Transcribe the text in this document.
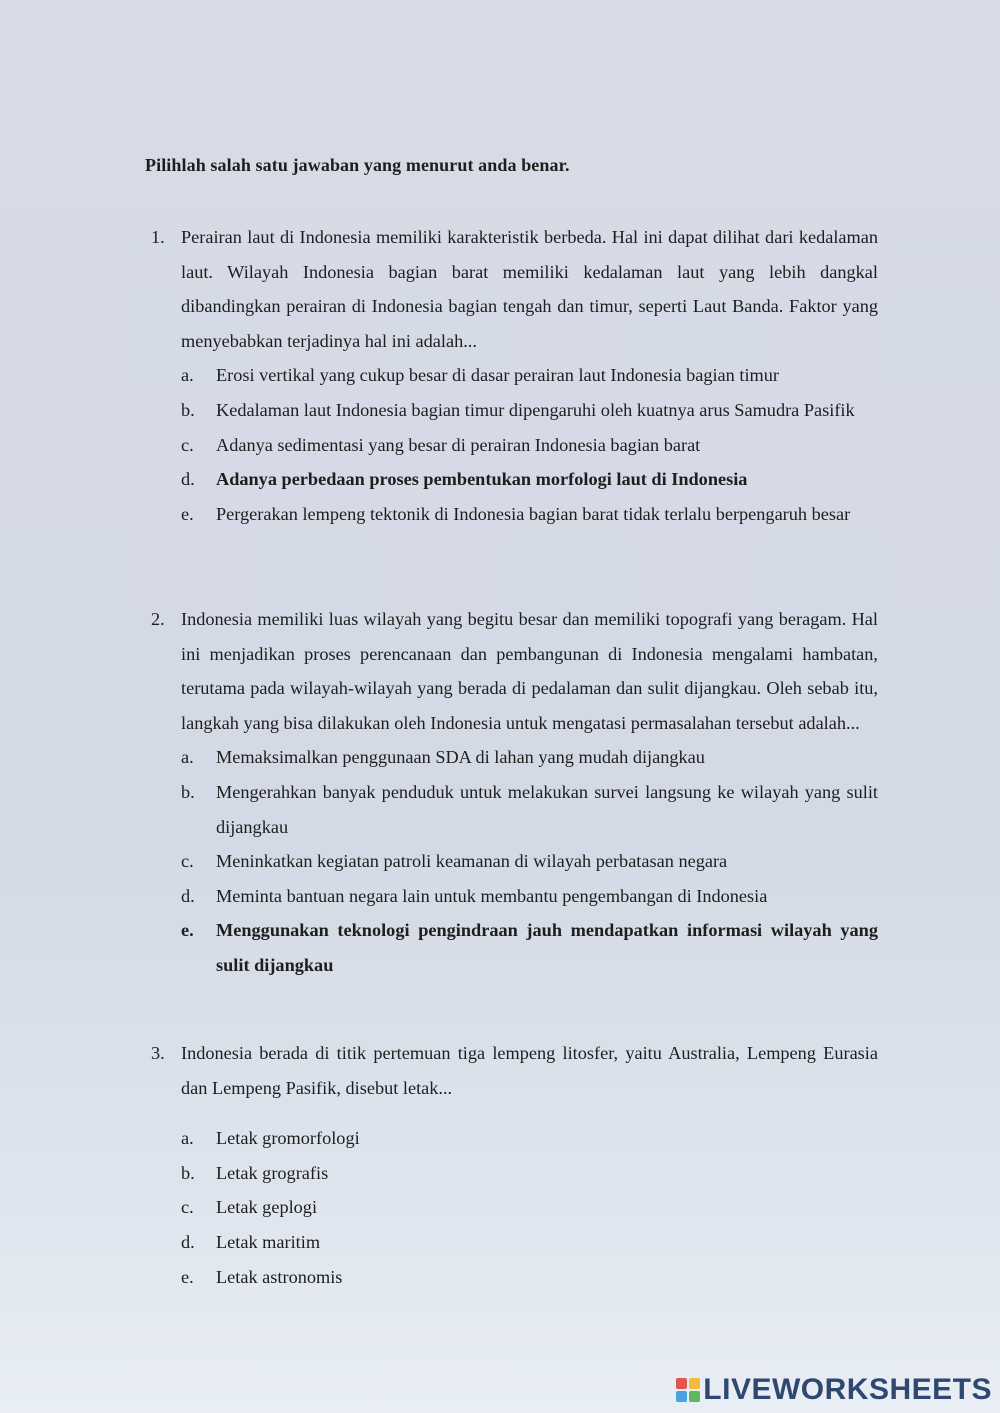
Pilihlah salah satu jawaban yang menurut anda benar.
1. Perairan laut di Indonesia memiliki karakteristik berbeda. Hal ini dapat dilihat dari kedalaman laut. Wilayah Indonesia bagian barat memiliki kedalaman laut yang lebih dangkal dibandingkan perairan di Indonesia bagian tengah dan timur, seperti Laut Banda. Faktor yang menyebabkan terjadinya hal ini adalah...
a. Erosi vertikal yang cukup besar di dasar perairan laut Indonesia bagian timur
b. Kedalaman laut Indonesia bagian timur dipengaruhi oleh kuatnya arus Samudra Pasifik
c. Adanya sedimentasi yang besar di perairan Indonesia bagian barat
d. Adanya perbedaan proses pembentukan morfologi laut di Indonesia
e. Pergerakan lempeng tektonik di Indonesia bagian barat tidak terlalu berpengaruh besar
2. Indonesia memiliki luas wilayah yang begitu besar dan memiliki topografi yang beragam. Hal ini menjadikan proses perencanaan dan pembangunan di Indonesia mengalami hambatan, terutama pada wilayah-wilayah yang berada di pedalaman dan sulit dijangkau. Oleh sebab itu, langkah yang bisa dilakukan oleh Indonesia untuk mengatasi permasalahan tersebut adalah...
a. Memaksimalkan penggunaan SDA di lahan yang mudah dijangkau
b. Mengerahkan banyak penduduk untuk melakukan survei langsung ke wilayah yang sulit dijangkau
c. Meninkatkan kegiatan patroli keamanan di wilayah perbatasan negara
d. Meminta bantuan negara lain untuk membantu pengembangan di Indonesia
e. Menggunakan teknologi pengindraan jauh mendapatkan informasi wilayah yang sulit dijangkau
3. Indonesia berada di titik pertemuan tiga lempeng litosfer, yaitu Australia, Lempeng Eurasia dan Lempeng Pasifik, disebut letak...
a. Letak gromorfologi
b. Letak grografis
c. Letak geplogi
d. Letak maritim
e. Letak astronomis
LIVEWORKSHEETS
